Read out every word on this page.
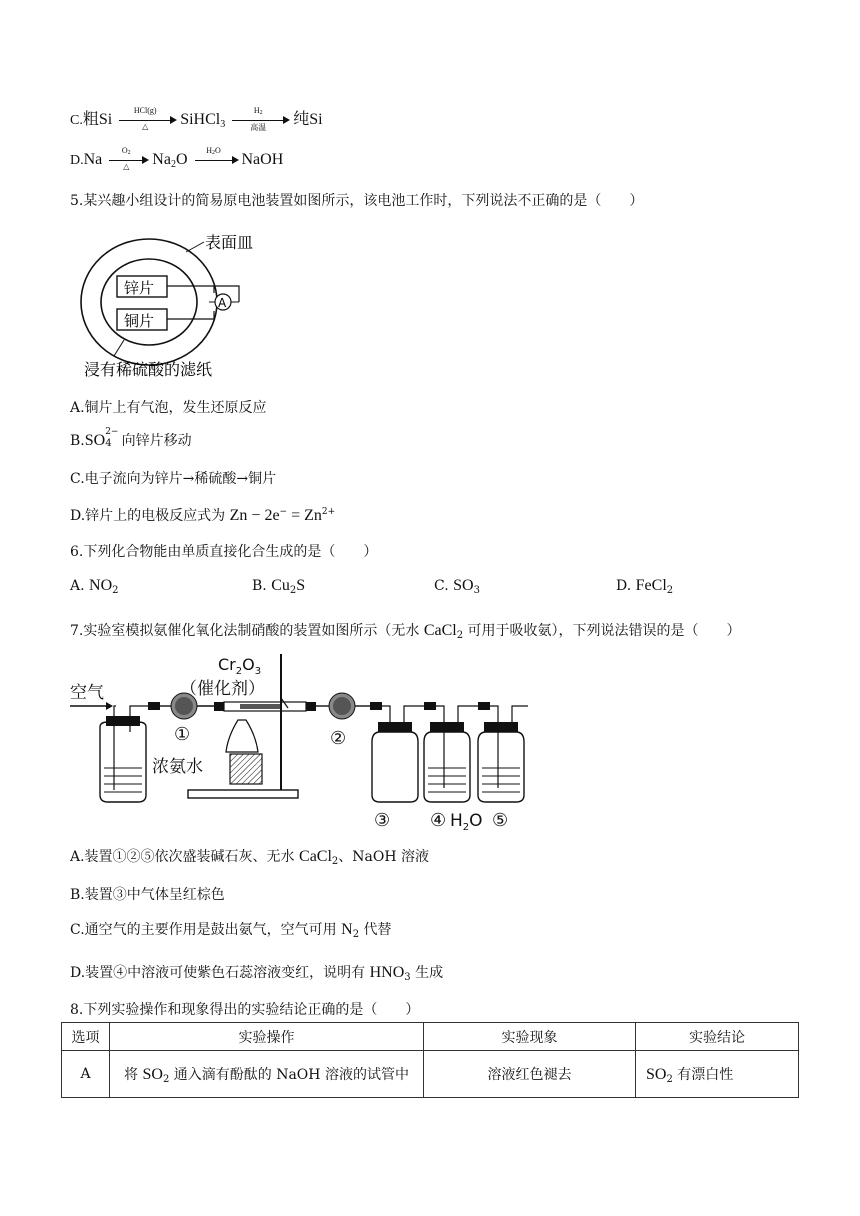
C.粗Si
HCl(g)
△	SiHCl$_3$
$H_2$
高温	纯Si
D.Na
$O_2$
△	$Na_2O$
$H_2O$
NaOH
5.某兴趣小组设计的简易原电池装置如图所示，该电池工作时，下列说法不正确的是（　　）
表面皿
锌片
铜片
A
浸有稀硫酸的滤纸
A.铜片上有气泡，发生还原反应
B.SO 2−
4 向锌片移动
C.电子流向为锌片→稀硫酸→铜片
D.锌片上的电极反应式为 $Zn - 2e^- = Zn^{2+}$
6.下列化合物能由单质直接化合生成的是（　　）
A. $NO_2$	B. $Cu_2S$	C. $SO_3$	D. FeCl$_2$
7.实验室模拟氨催化氧化法制硝酸的装置如图所示（无水 CaCl$_2$ 可用于吸收氨），下列说法错误的是（　　）
空气
浓氨水
①
$Cr_2O_3$
（催化剂）
②
③ ④ $H_2O$ ⑤
A.装置①②⑤依次盛装碱石灰、无水 CaCl$_2$、NaOH 溶液
B.装置③中气体呈红棕色
C.通空气的主要作用是鼓出氨气，空气可用 $N_2$ 代替
D.装置④中溶液可使紫色石蕊溶液变红，说明有 $HNO_3$ 生成
8.下列实验操作和现象得出的实验结论正确的是（　　）
选项	实验操作	实验现象	实验结论
A	将 $SO_2$ 通入滴有酚酞的 NaOH 溶液的试管中	溶液红色褪去	$SO_2$ 有漂白性
